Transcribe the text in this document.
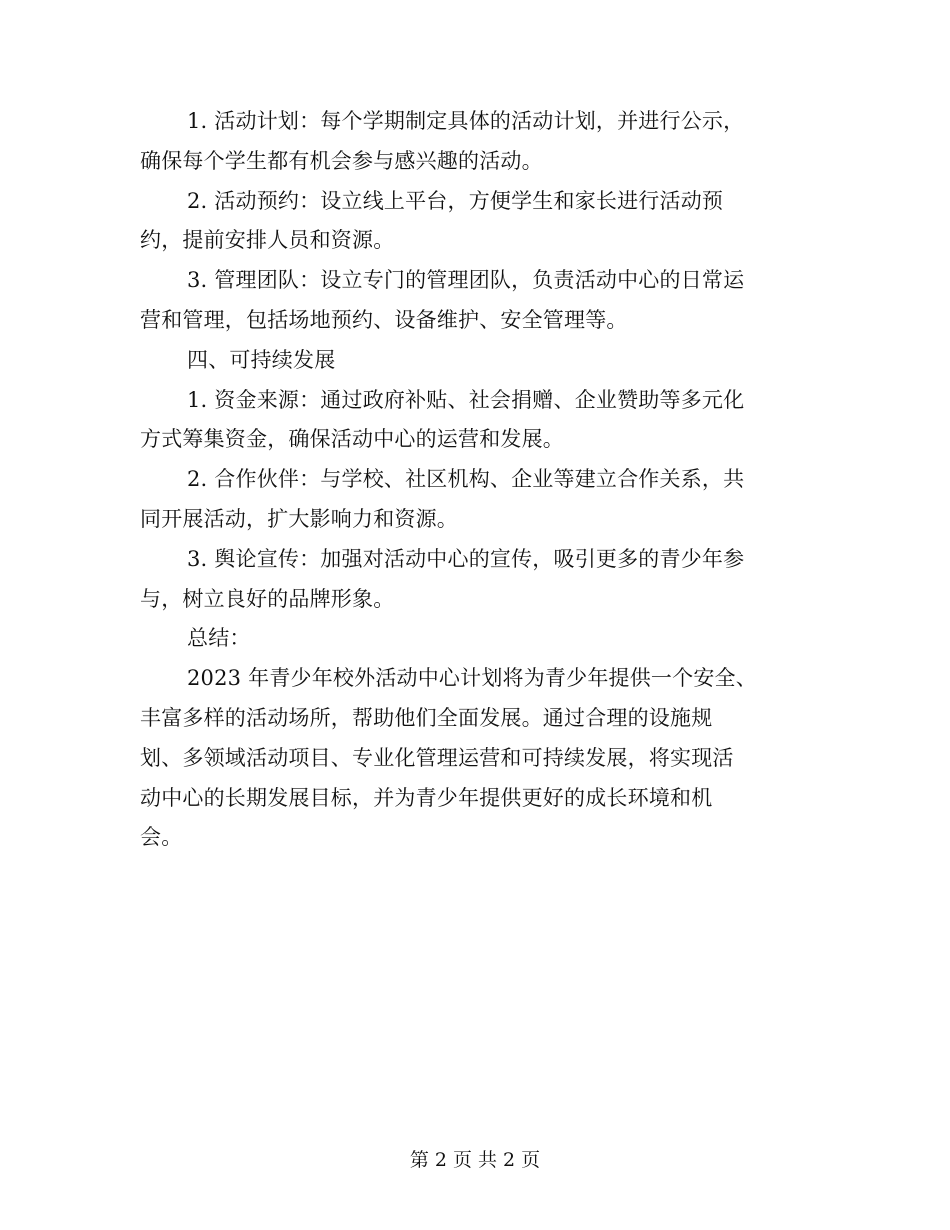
1. 活动计划：每个学期制定具体的活动计划，并进行公示，
确保每个学生都有机会参与感兴趣的活动。
2. 活动预约：设立线上平台，方便学生和家长进行活动预
约，提前安排人员和资源。
3. 管理团队：设立专门的管理团队，负责活动中心的日常运
营和管理，包括场地预约、设备维护、安全管理等。
四、可持续发展
1. 资金来源：通过政府补贴、社会捐赠、企业赞助等多元化
方式筹集资金，确保活动中心的运营和发展。
2. 合作伙伴：与学校、社区机构、企业等建立合作关系，共
同开展活动，扩大影响力和资源。
3. 舆论宣传：加强对活动中心的宣传，吸引更多的青少年参
与，树立良好的品牌形象。
总结：
2023 年青少年校外活动中心计划将为青少年提供一个安全、
丰富多样的活动场所，帮助他们全面发展。通过合理的设施规
划、多领域活动项目、专业化管理运营和可持续发展，将实现活
动中心的长期发展目标，并为青少年提供更好的成长环境和机
会。
第 2 页 共 2 页
